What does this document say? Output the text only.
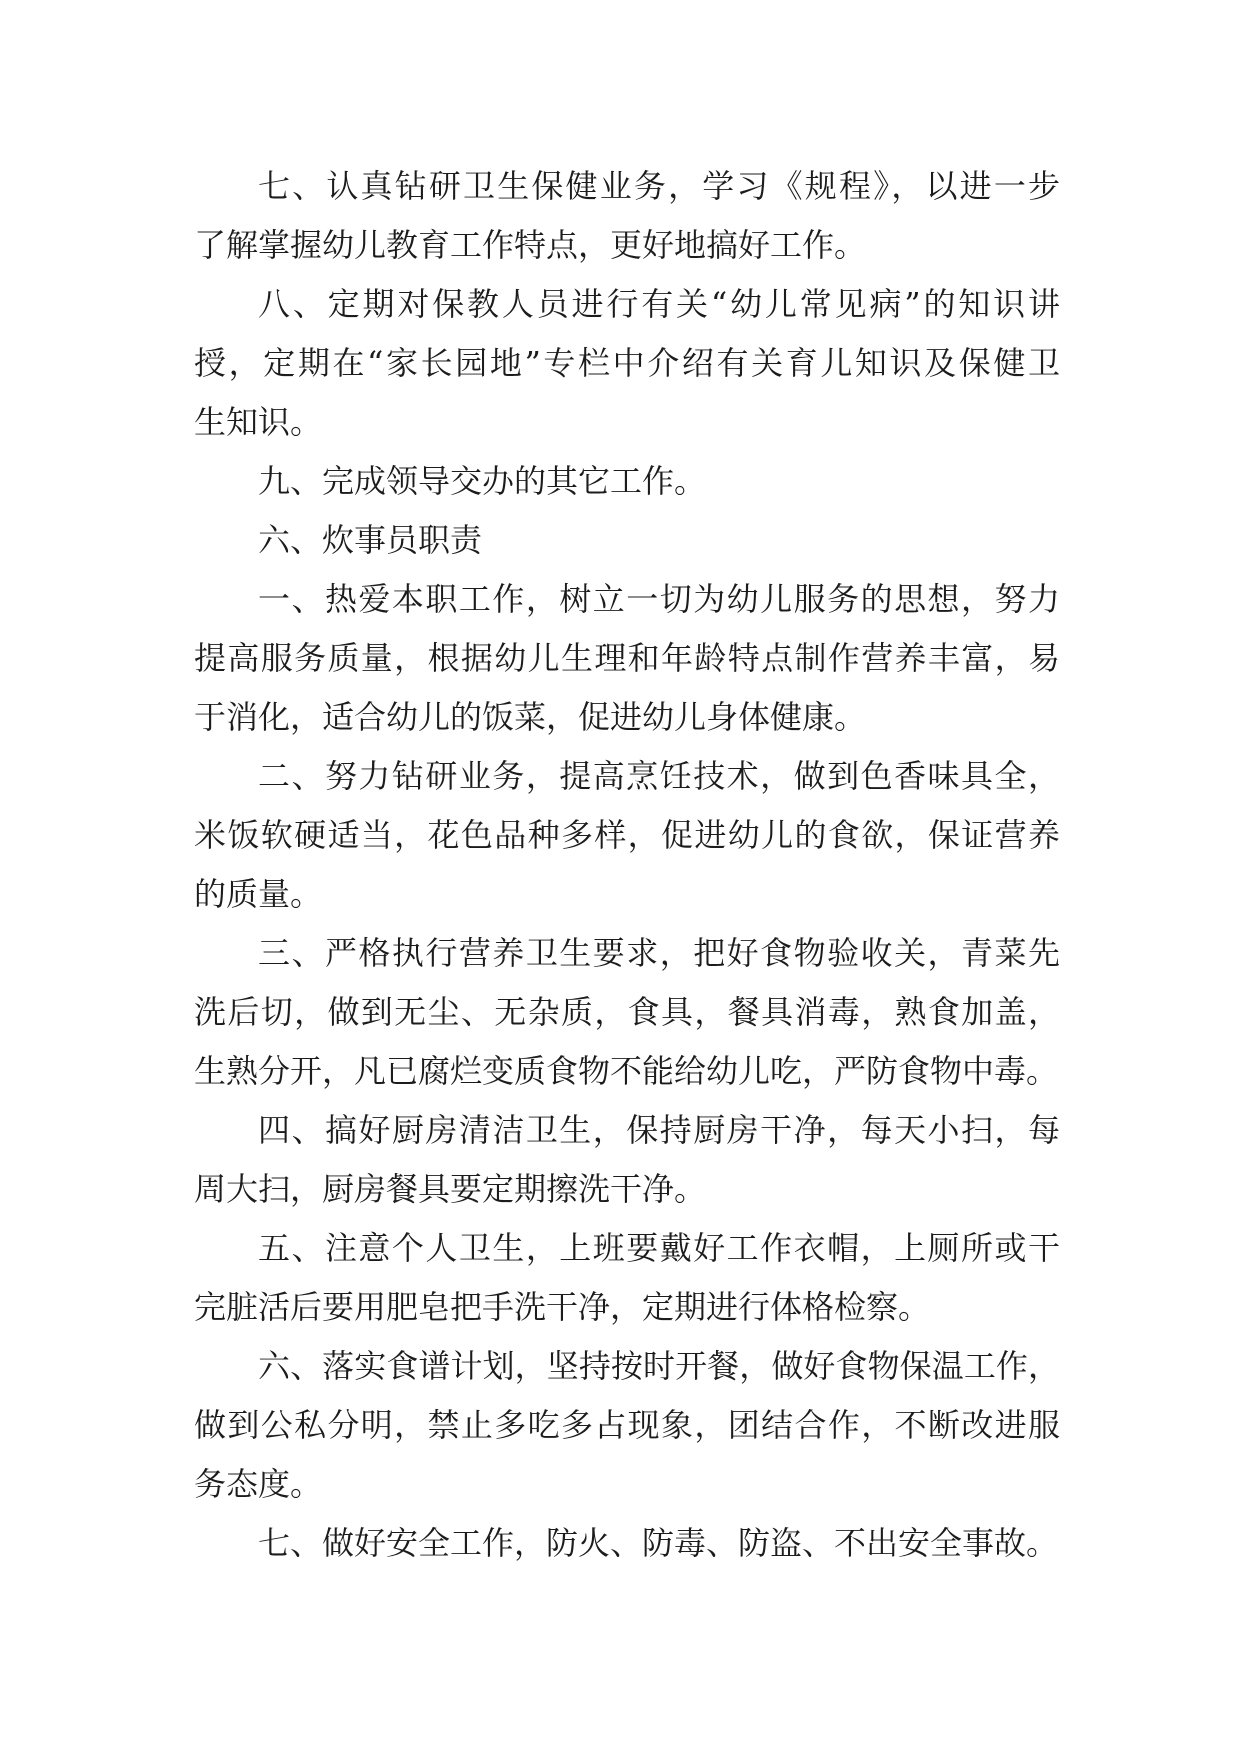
七、认真钻研卫生保健业务，学习《规程》，以进一步
了解掌握幼儿教育工作特点，更好地搞好工作。
八、定期对保教人员进行有关“幼儿常见病”的知识讲
授，定期在“家长园地”专栏中介绍有关育儿知识及保健卫
生知识。
九、完成领导交办的其它工作。
六、炊事员职责
一、热爱本职工作，树立一切为幼儿服务的思想，努力
提高服务质量，根据幼儿生理和年龄特点制作营养丰富，易
于消化，适合幼儿的饭菜，促进幼儿身体健康。
二、努力钻研业务，提高烹饪技术，做到色香味具全，
米饭软硬适当，花色品种多样，促进幼儿的食欲，保证营养
的质量。
三、严格执行营养卫生要求，把好食物验收关，青菜先
洗后切，做到无尘、无杂质，食具，餐具消毒，熟食加盖，
生熟分开，凡已腐烂变质食物不能给幼儿吃，严防食物中毒。
四、搞好厨房清洁卫生，保持厨房干净，每天小扫，每
周大扫，厨房餐具要定期擦洗干净。
五、注意个人卫生，上班要戴好工作衣帽，上厕所或干
完脏活后要用肥皂把手洗干净，定期进行体格检察。
六、落实食谱计划，坚持按时开餐，做好食物保温工作，
做到公私分明，禁止多吃多占现象，团结合作，不断改进服
务态度。
七、做好安全工作，防火、防毒、防盗、不出安全事故。
